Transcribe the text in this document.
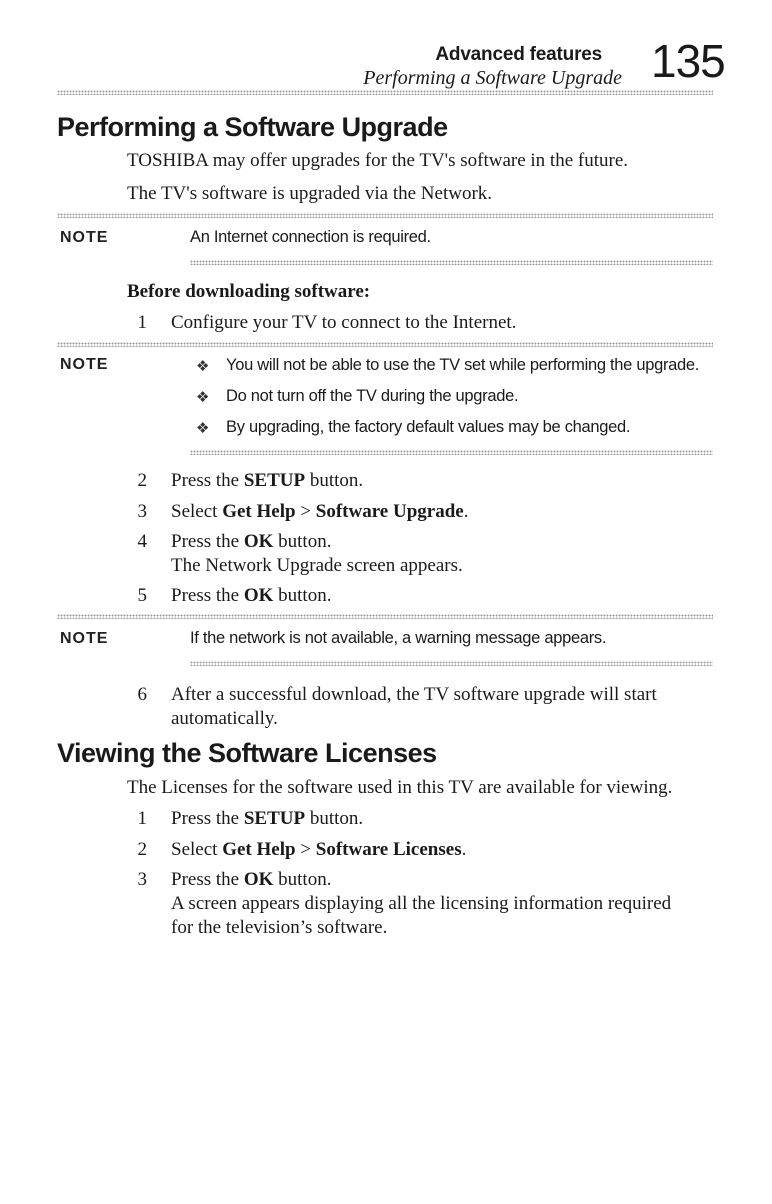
Advanced features
Performing a Software Upgrade 135
Performing a Software Upgrade
TOSHIBA may offer upgrades for the TV's software in the future.
The TV's software is upgraded via the Network.
NOTE	An Internet connection is required.
Before downloading software:
1 Configure your TV to connect to the Internet.
NOTE	❖ You will not be able to use the TV set while performing the upgrade.
❖ Do not turn off the TV during the upgrade.
❖ By upgrading, the factory default values may be changed.
2 Press the SETUP button.
3 Select Get Help > Software Upgrade.
4 Press the OK button.
The Network Upgrade screen appears.
5 Press the OK button.
NOTE	If the network is not available, a warning message appears.
6 After a successful download, the TV software upgrade will start
automatically.
Viewing the Software Licenses
The Licenses for the software used in this TV are available for viewing.
1 Press the SETUP button.
2 Select Get Help > Software Licenses.
3 Press the OK button.
A screen appears displaying all the licensing information required
for the television’s software.
